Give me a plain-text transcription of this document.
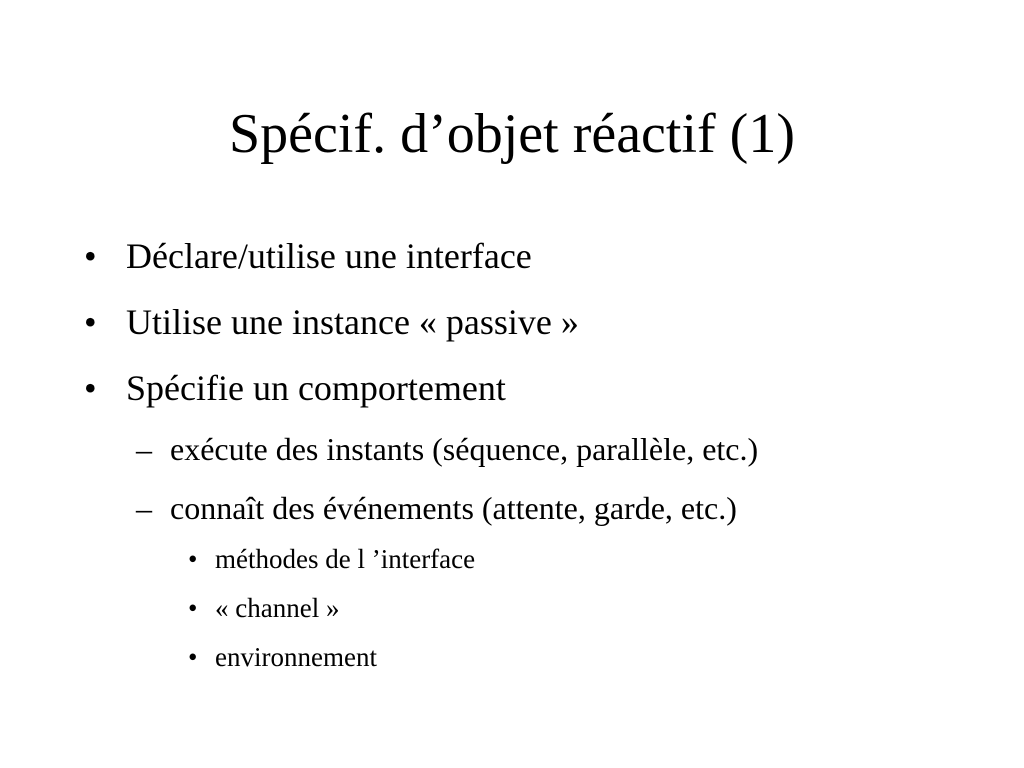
Spécif. d’objet réactif (1)
• Déclare/utilise une interface
• Utilise une instance « passive »
• Spécifie un comportement
– exécute des instants (séquence, parallèle, etc.)
– connaît des événements (attente, garde, etc.)
• méthodes de l ’interface
• « channel »
• environnement
